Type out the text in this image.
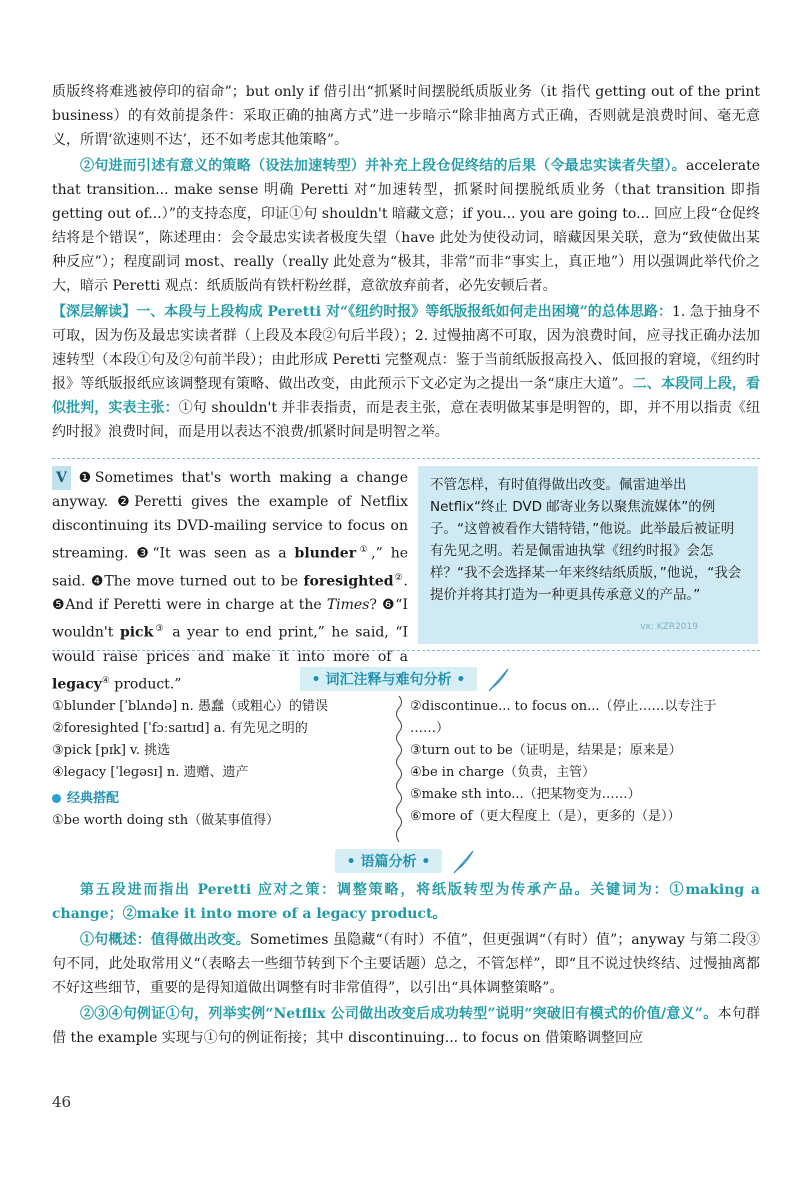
质版终将难逃被停印的宿命”；but only if 借引出“抓紧时间摆脱纸质版业务（it 指代 getting out of the print business）的有效前提条件：采取正确的抽离方式”进一步暗示“除非抽离方式正确，否则就是浪费时间、毫无意义，所谓‘欲速则不达’，还不如考虑其他策略”。

②句进而引述有意义的策略（设法加速转型）并补充上段仓促终结的后果（令最忠实读者失望）。accelerate that transition... make sense 明确 Peretti 对“加速转型，抓紧时间摆脱纸质业务（that transition 即指 getting out of...）”的支持态度，印证①句 shouldn't 暗藏文意；if you... you are going to... 回应上段“仓促终结将是个错误”，陈述理由：会令最忠实读者极度失望（have 此处为使役动词，暗藏因果关联，意为“致使做出某种反应”）；程度副词 most、really（really 此处意为“极其，非常”而非“事实上，真正地”）用以强调此举代价之大，暗示 Peretti 观点：纸质版尚有铁杆粉丝群，意欲放弃前者，必先安顿后者。

【深层解读】一、本段与上段构成 Peretti 对“《纽约时报》等纸版报纸如何走出困境”的总体思路：1. 急于抽身不可取，因为伤及最忠实读者群（上段及本段②句后半段）；2. 过慢抽离不可取，因为浪费时间，应寻找正确办法加速转型（本段①句及②句前半段）；由此形成 Peretti 完整观点：鉴于当前纸版报高投入、低回报的窘境，《纽约时报》等纸版报纸应该调整现有策略、做出改变，由此预示下文必定为之提出一条“康庄大道”。二、本段同上段，看似批判，实表主张：①句 shouldn't 并非表指责，而是表主张，意在表明做某事是明智的，即，并不用以指责《纽约时报》浪费时间，而是用以表达不浪费/抓紧时间是明智之举。

V ❶Sometimes that's worth making a change anyway. ❷Peretti gives the example of Netflix discontinuing its DVD-mailing service to focus on streaming. ❸“It was seen as a blunder①,” he said. ❹The move turned out to be foresighted②. ❺And if Peretti were in charge at the Times? ❻“I wouldn't pick③ a year to end print,” he said, “I would raise prices and make it into more of a legacy④ product.”
不管怎样，有时值得做出改变。佩雷迪举出 Netflix“终止 DVD 邮寄业务以聚焦流媒体”的例子。“这曾被看作大错特错，”他说。此举最后被证明有先见之明。若是佩雷迪执掌《纽约时报》会怎样？“我不会选择某一年来终结纸质版，”他说，“我会提价并将其打造为一种更具传承意义的产品。”
vx: KZR2019
• 词汇注释与难句分析 •
①blunder [ˈblʌndə] n. 愚蠢（或粗心）的错误
②foresighted [ˈfɔːsaɪtɪd] a. 有先见之明的
③pick [pɪk] v. 挑选
④legacy [ˈleɡəsɪ] n. 遗赠、遗产
经典搭配
①be worth doing sth（做某事值得）
②discontinue... to focus on...（停止……以专注于
……）
③turn out to be（证明是，结果是；原来是）
④be in charge（负责，主管）
⑤make sth into...（把某物变为……）
⑥more of（更大程度上（是），更多的（是））
• 语篇分析 •

第五段进而指出 Peretti 应对之策：调整策略，将纸版转型为传承产品。关键词为：①making a change；②make it into more of a legacy product。

①句概述：值得做出改变。Sometimes 虽隐藏“（有时）不值”，但更强调“（有时）值”；anyway 与第二段③句不同，此处取常用义“（表略去一些细节转到下个主要话题）总之，不管怎样”，即“且不说过快终结、过慢抽离都不好这些细节，重要的是得知道做出调整有时非常值得”，以引出“具体调整策略”。

②③④句例证①句，列举实例“Netflix 公司做出改变后成功转型”说明“突破旧有模式的价值/意义”。本句群借 the example 实现与①句的例证衔接；其中 discontinuing... to focus on 借策略调整回应

46
